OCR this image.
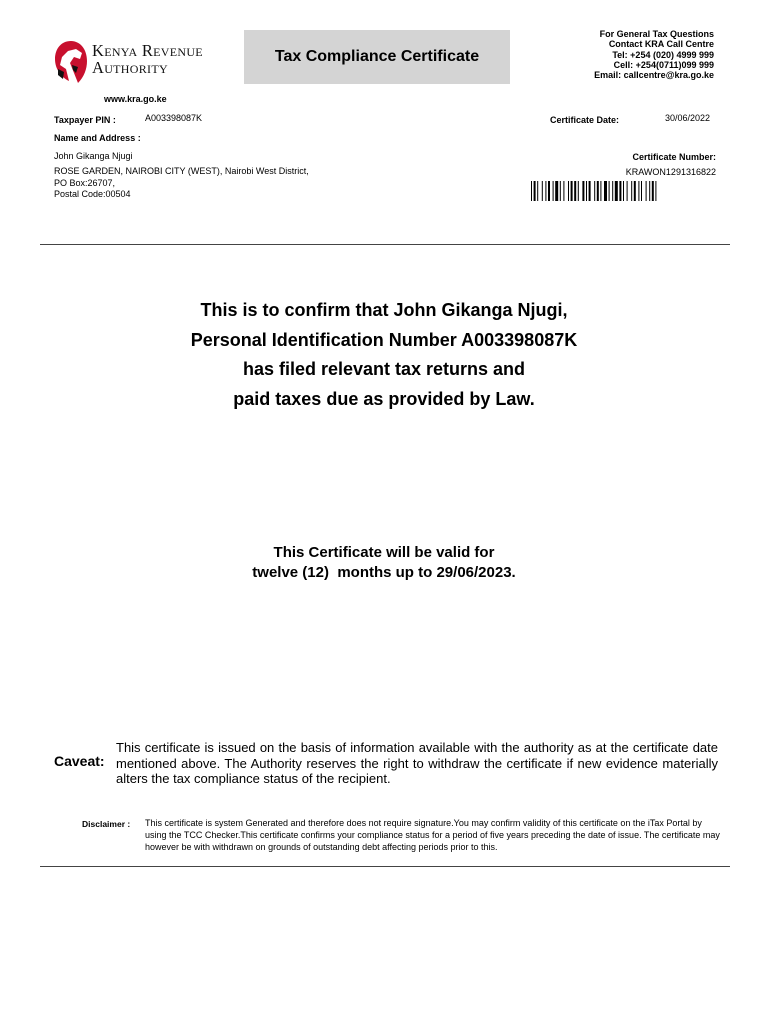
Kenya Revenue
Authority
www.kra.go.ke
Tax Compliance Certificate
For General Tax Questions
Contact KRA Call Centre
Tel: +254 (020) 4999 999
Cell: +254(0711)099 999
Email: callcentre@kra.go.ke
Taxpayer PIN :	A003398087K
Name and Address :
John Gikanga Njugi
ROSE GARDEN, NAIROBI CITY (WEST), Nairobi West District,
PO Box:26707,
Postal Code:00504
Certificate Date:	30/06/2022
Certificate Number:
KRAWON1291316822
This is to confirm that John Gikanga Njugi,
Personal Identification Number A003398087K
has filed relevant tax returns and
paid taxes due as provided by Law.
This Certificate will be valid for
twelve (12)  months up to 29/06/2023.
Caveat:
This certificate is issued on the basis of information available with the authority as at the certificate date mentioned above. The Authority reserves the right to withdraw the certificate if new evidence materially alters the tax compliance status of the recipient.
Disclaimer : This certificate is system Generated and therefore does not require signature.You may confirm validity of this certificate on the iTax Portal by using the TCC Checker.This certificate confirms your compliance status for a period of five years preceding the date of issue. The certificate may however be with withdrawn on grounds of outstanding debt affecting periods prior to this.
